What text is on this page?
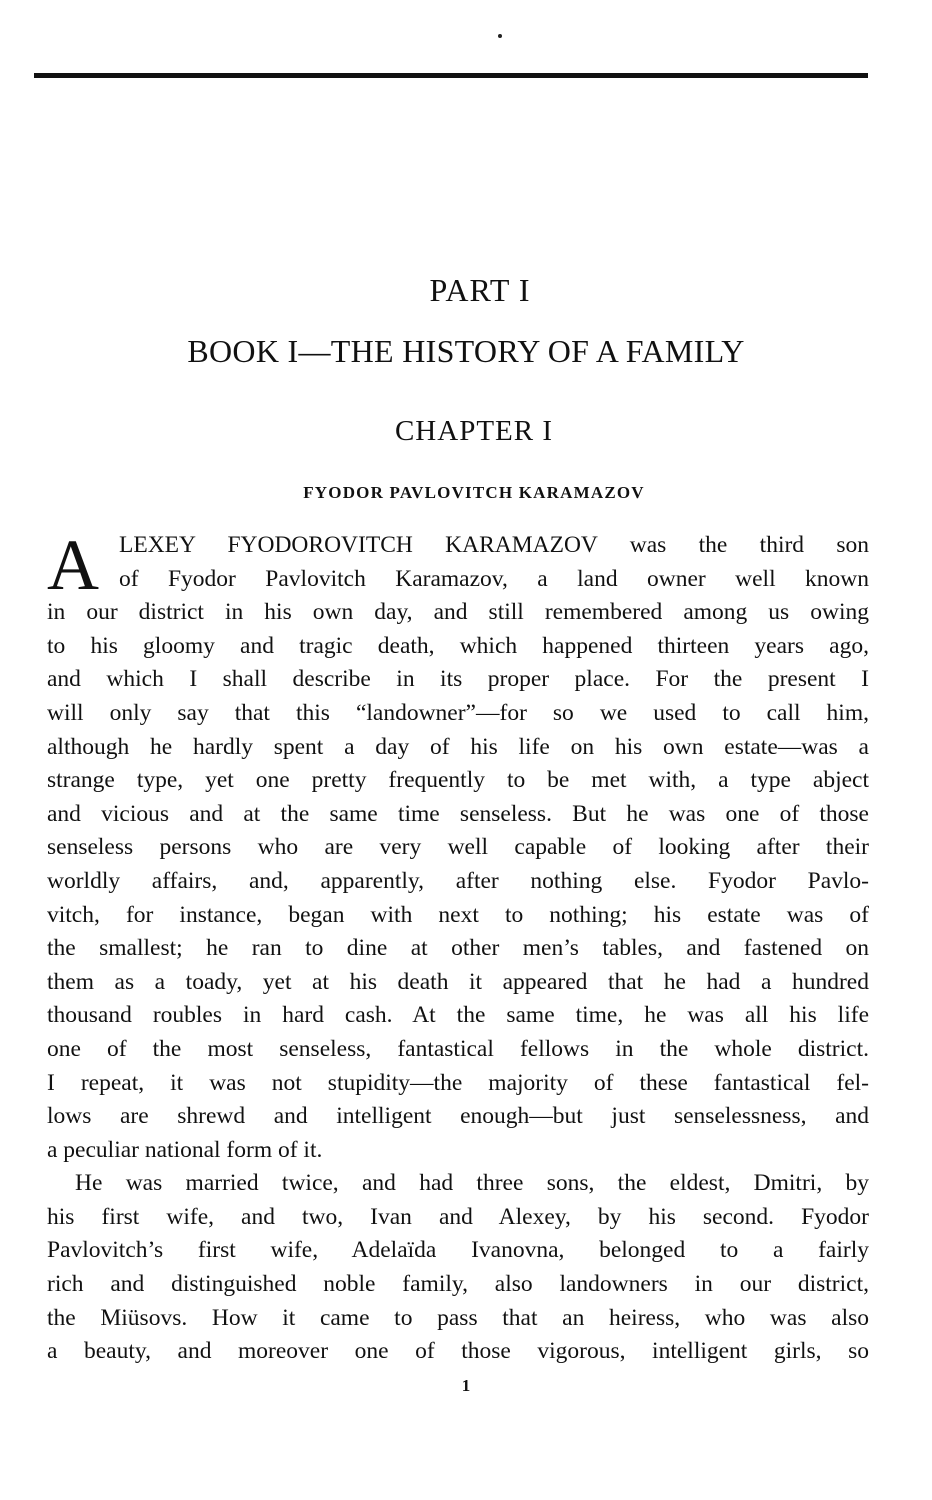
PART I
BOOK I—THE HISTORY OF A FAMILY
CHAPTER I
FYODOR PAVLOVITCH KARAMAZOV
A LEXEY FYODOROVITCH KARAMAZOV was the third son
of Fyodor Pavlovitch Karamazov, a land owner well known
in our district in his own day, and still remembered among us owing
to his gloomy and tragic death, which happened thirteen years ago,
and which I shall describe in its proper place. For the present I
will only say that this “landowner”—for so we used to call him,
although he hardly spent a day of his life on his own estate—was a
strange type, yet one pretty frequently to be met with, a type abject
and vicious and at the same time senseless. But he was one of those
senseless persons who are very well capable of looking after their
worldly affairs, and, apparently, after nothing else. Fyodor Pavlo-
vitch, for instance, began with next to nothing; his estate was of
the smallest; he ran to dine at other men’s tables, and fastened on
them as a toady, yet at his death it appeared that he had a hundred
thousand roubles in hard cash. At the same time, he was all his life
one of the most senseless, fantastical fellows in the whole district.
I repeat, it was not stupidity—the majority of these fantastical fel-
lows are shrewd and intelligent enough—but just senselessness, and
a peculiar national form of it.
He was married twice, and had three sons, the eldest, Dmitri, by
his first wife, and two, Ivan and Alexey, by his second. Fyodor
Pavlovitch’s first wife, Adelaïda Ivanovna, belonged to a fairly
rich and distinguished noble family, also landowners in our district,
the Miüsovs. How it came to pass that an heiress, who was also
a beauty, and moreover one of those vigorous, intelligent girls, so
1
